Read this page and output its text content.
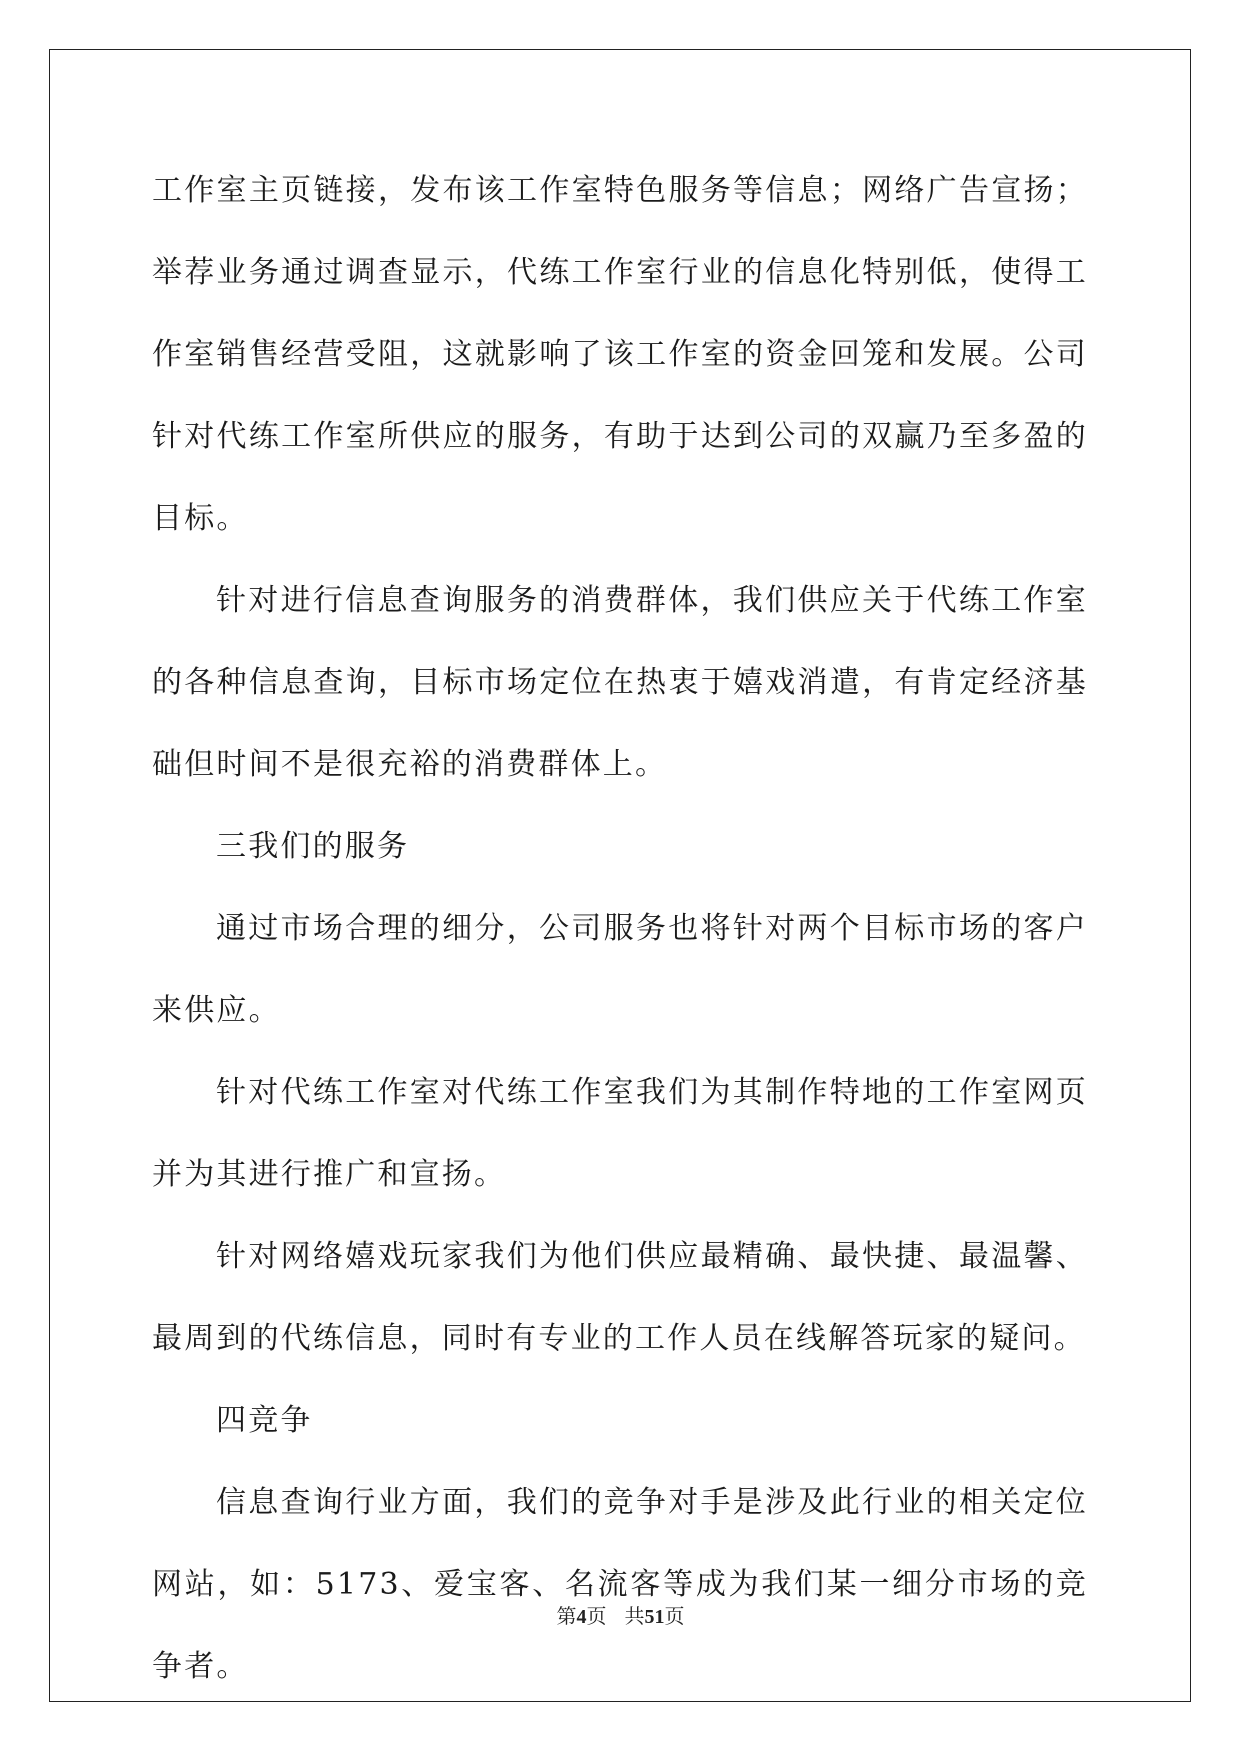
工作室主页链接，发布该工作室特色服务等信息；网络广告宣扬；举荐业务通过调查显示，代练工作室行业的信息化特别低，使得工作室销售经营受阻，这就影响了该工作室的资金回笼和发展。公司针对代练工作室所供应的服务，有助于达到公司的双赢乃至多盈的目标。

针对进行信息查询服务的消费群体，我们供应关于代练工作室的各种信息查询，目标市场定位在热衷于嬉戏消遣，有肯定经济基础但时间不是很充裕的消费群体上。

三我们的服务

通过市场合理的细分，公司服务也将针对两个目标市场的客户来供应。

针对代练工作室对代练工作室我们为其制作特地的工作室网页并为其进行推广和宣扬。

针对网络嬉戏玩家我们为他们供应最精确、最快捷、最温馨、最周到的代练信息，同时有专业的工作人员在线解答玩家的疑问。

四竞争

信息查询行业方面，我们的竞争对手是涉及此行业的相关定位网站，如：5173、爱宝客、名流客等成为我们某一细分市场的竞争者。

第4页 共51页
